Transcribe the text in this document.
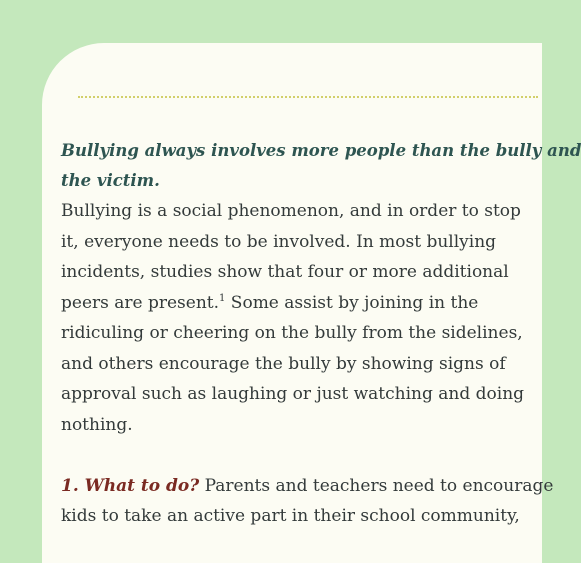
Bullying always involves more people than the bully and
the victim.
Bullying is a social phenomenon, and in order to stop
it, everyone needs to be involved. In most bullying
incidents, studies show that four or more additional
peers are present.$^1$ Some assist by joining in the
ridiculing or cheering on the bully from the sidelines,
and others encourage the bully by showing signs of
approval such as laughing or just watching and doing
nothing.
1. What to do? Parents and teachers need to encourage
kids to take an active part in their school community,
